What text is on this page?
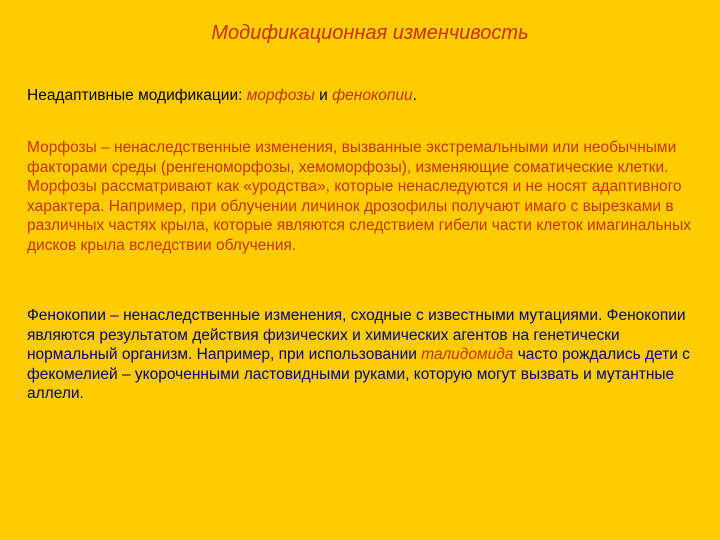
Модификационная изменчивость
Неадаптивные модификации: морфозы и фенокопии.
Морфозы – ненаследственные изменения, вызванные экстремальными или необычными факторами среды (ренгеноморфозы, хемоморфозы), изменяющие соматические клетки. Морфозы рассматривают как «уродства», которые ненаследуются и не носят адаптивного характера. Например, при облучении личинок дрозофилы получают имаго с вырезками в различных частях крыла, которые являются следствием гибели части клеток имагинальных дисков крыла вследствии облучения.
Фенокопии – ненаследственные изменения, сходные с известными мутациями. Фенокопии являются результатом действия физических и химических агентов на генетически нормальный организм. Например, при использовании талидомида часто рождались дети с фекомелией – укороченными ластовидными руками, которую могут вызвать и мутантные аллели.
